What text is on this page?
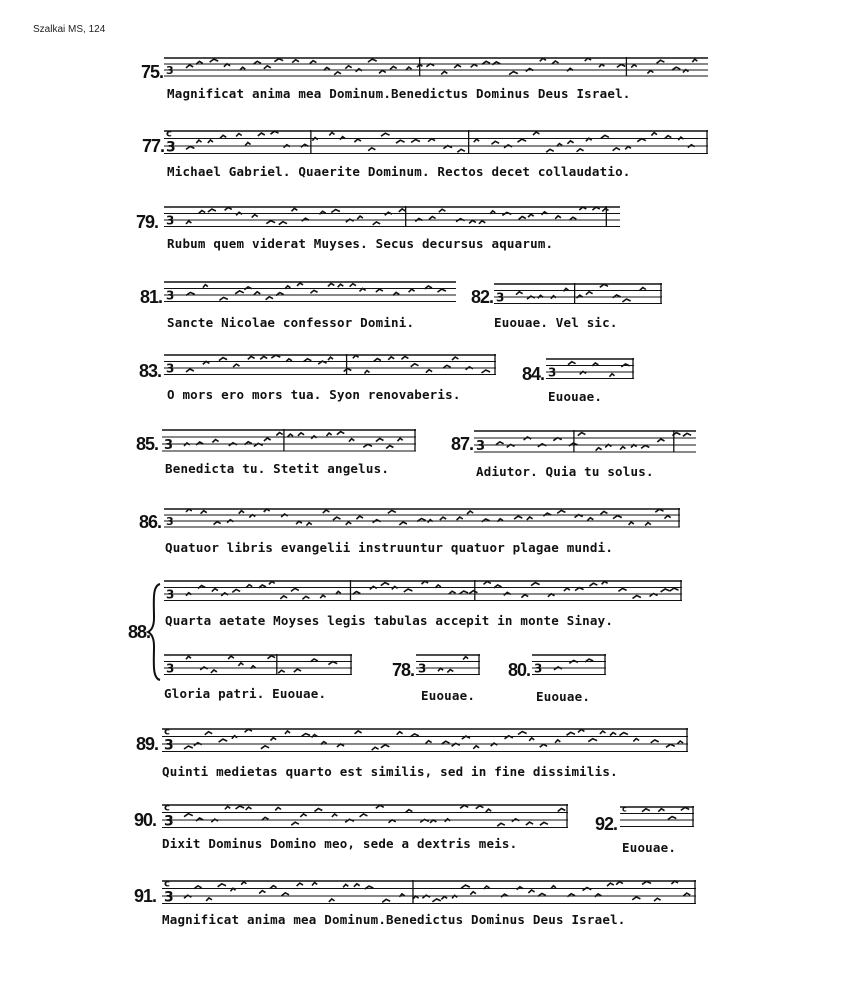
Szalkai MS, 124
75. 3
Magnificat anima mea Dominum.Benedictus Dominus Deus Israel.
77. 3
c
Michael Gabriel. Quaerite Dominum. Rectos decet collaudatio.
79. 3
Rubum quem viderat Muyses. Secus decursus aquarum.
81. 3
Sancte Nicolae confessor Domini.
82. 3
Euouae. Vel sic.
83. 3
O mors ero mors tua. Syon renovaberis.
84. 3
Euouae.
85. 3
Benedicta tu. Stetit angelus.
87. 3
Adiutor. Quia tu solus.
86. 3
Quatuor libris evangelii instruuntur quatuor plagae mundi.
88.
3
Quarta aetate Moyses legis tabulas accepit in monte Sinay.
3
Gloria patri. Euouae.
78. 3
Euouae.
80. 3
Euouae.
89. 3
c
Quinti medietas quarto est similis, sed in fine dissimilis.
90. 3
c
Dixit Dominus Domino meo, sede a dextris meis.
92.
c
Euouae.
91. 3
c
Magnificat anima mea Dominum.Benedictus Dominus Deus Israel.
